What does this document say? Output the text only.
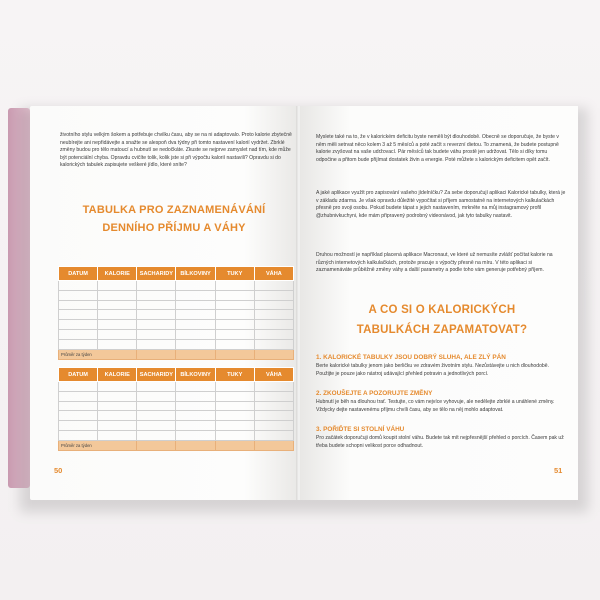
životního stylu velkým šokem a potřebuje chvilku času, aby se na ni adaptovalo. Proto kalorie zbytečně neubírejte ani nepřidávejte a snažte se alespoň dva týdny při tomto nastavení kalorií vydržet. Zbrklé změny budou pro tělo matoucí a hubnutí se nedočkáte. Zkuste se nejprve zamyslet nad tím, kde může být potenciální chyba. Opravdu cvičíte tolik, kolik jste si při výpočtu kalorií nastavili? Opravdu si do kalorických tabulek zapisujete veškeré jídlo, které sníte?

TABULKA PRO ZAZNAMENÁVÁNÍ
DENNÍHO PŘÍJMU A VÁHY
DATUM	KALORIE	SACHARIDY	BÍLKOVINY	TUKY	VÁHA

Průměr za týden					
DATUM	KALORIE	SACHARIDY	BÍLKOVINY	TUKY	VÁHA

Průměr za týden					
50

Myslete také na to, že v kalorickém deficitu byste neměli být dlouhodobě. Obecně se doporučuje, že byste v něm měli setrvat něco kolem 3 až 5 měsíců a poté začít s reverzní dietou. To znamená, že budete postupně kalorie zvyšovat na vaše udržovací. Pár měsíců tak budete váhu prostě jen udržovat. Tělo si díky tomu odpočine a přitom bude přijímat dostatek živin a energie. Poté můžete s kalorickým deficitem opět začít.

A jaké aplikace využít pro zapisování vašeho jídelníčku? Za sebe doporučují aplikaci Kalorické tabulky, která je v základu zdarma. Je však opravdu důležité vypočítat si příjem samostatně na internetových kalkulačkách přesně pro svoji osobu. Pokud budete tápat s jejich nastavením, mrkněte na můj instagramový profil @zhubnivkuchyni, kde mám připravený podrobný videonávod, jak tyto tabulky nastavit.

Druhou možností je například placená aplikace Macronaut, ve které už nemusíte zvlášť počítat kalorie na různých internetových kalkulačkách, protože pracuje s výpočty přesně na míru. V této aplikaci si zaznamenáváte průběžně změny váhy a další parametry a podle toho vám generuje potřebný příjem.

A CO SI O KALORICKÝCH
TABULKÁCH ZAPAMATOVAT?

1. KALORICKÉ TABULKY JSOU DOBRÝ SLUHA, ALE ZLÝ PÁN

Berte kalorické tabulky jenom jako berličku ve zdravém životním stylu. Nezůstávejte u nich dlouhodobě. Použijte je pouze jako nástroj udávající přehled potravin a jednotlivých porcí.

2. ZKOUŠEJTE A POZORUJTE ZMĚNY

Hubnutí je běh na dlouhou trať. Testujte, co vám nejvíce vyhovuje, ale nedělejte zbrklé a unáhlené změny. Vždycky dejte nastavenému příjmu chvíli času, aby se tělo na něj mohlo adaptovat.

3. POŘIĎTE SI STOLNÍ VÁHU

Pro začátek doporučuji domů koupit stolní váhu. Budete tak mít nejpřesnější přehled o porcích. Časem pak už třeba budete schopni velikost porce odhadnout.

51
